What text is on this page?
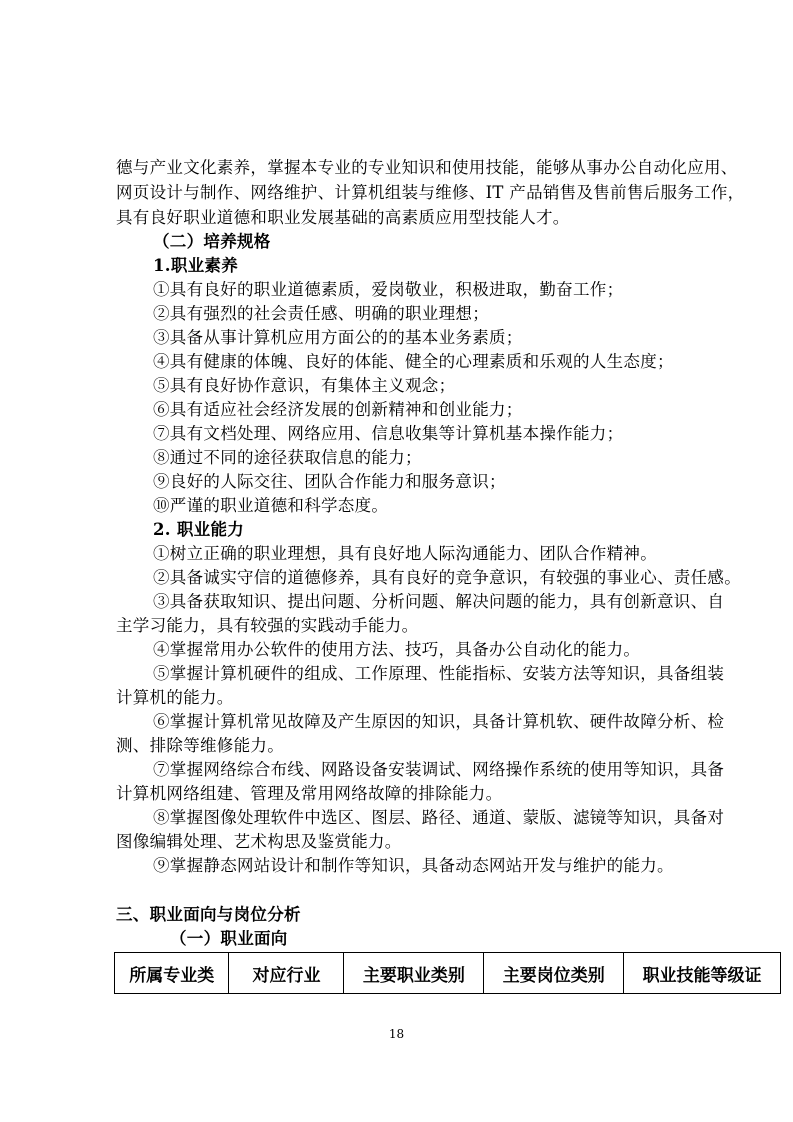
德与产业文化素养，掌握本专业的专业知识和使用技能，能够从事办公自动化应用、
网页设计与制作、网络维护、计算机组装与维修、IT 产品销售及售前售后服务工作，
具有良好职业道德和职业发展基础的高素质应用型技能人才。
（二）培养规格
1.职业素养
①具有良好的职业道德素质，爱岗敬业，积极进取，勤奋工作；
②具有强烈的社会责任感、明确的职业理想；
③具备从事计算机应用方面公的的基本业务素质；
④具有健康的体魄、良好的体能、健全的心理素质和乐观的人生态度；
⑤具有良好协作意识，有集体主义观念；
⑥具有适应社会经济发展的创新精神和创业能力；
⑦具有文档处理、网络应用、信息收集等计算机基本操作能力；
⑧通过不同的途径获取信息的能力；
⑨良好的人际交往、团队合作能力和服务意识；
⑩严谨的职业道德和科学态度。
2. 职业能力
①树立正确的职业理想，具有良好地人际沟通能力、团队合作精神。
②具备诚实守信的道德修养，具有良好的竞争意识，有较强的事业心、责任感。
③具备获取知识、提出问题、分析问题、解决问题的能力，具有创新意识、自
主学习能力，具有较强的实践动手能力。
④掌握常用办公软件的使用方法、技巧，具备办公自动化的能力。
⑤掌握计算机硬件的组成、工作原理、性能指标、安装方法等知识，具备组装
计算机的能力。
⑥掌握计算机常见故障及产生原因的知识，具备计算机软、硬件故障分析、检
测、排除等维修能力。
⑦掌握网络综合布线、网路设备安装调试、网络操作系统的使用等知识，具备
计算机网络组建、管理及常用网络故障的排除能力。
⑧掌握图像处理软件中选区、图层、路径、通道、蒙版、滤镜等知识，具备对
图像编辑处理、艺术构思及鉴赏能力。
⑨掌握静态网站设计和制作等知识，具备动态网站开发与维护的能力。
三、职业面向与岗位分析
（一）职业面向
所属专业类	对应行业	主要职业类别	主要岗位类别	职业技能等级证
18
